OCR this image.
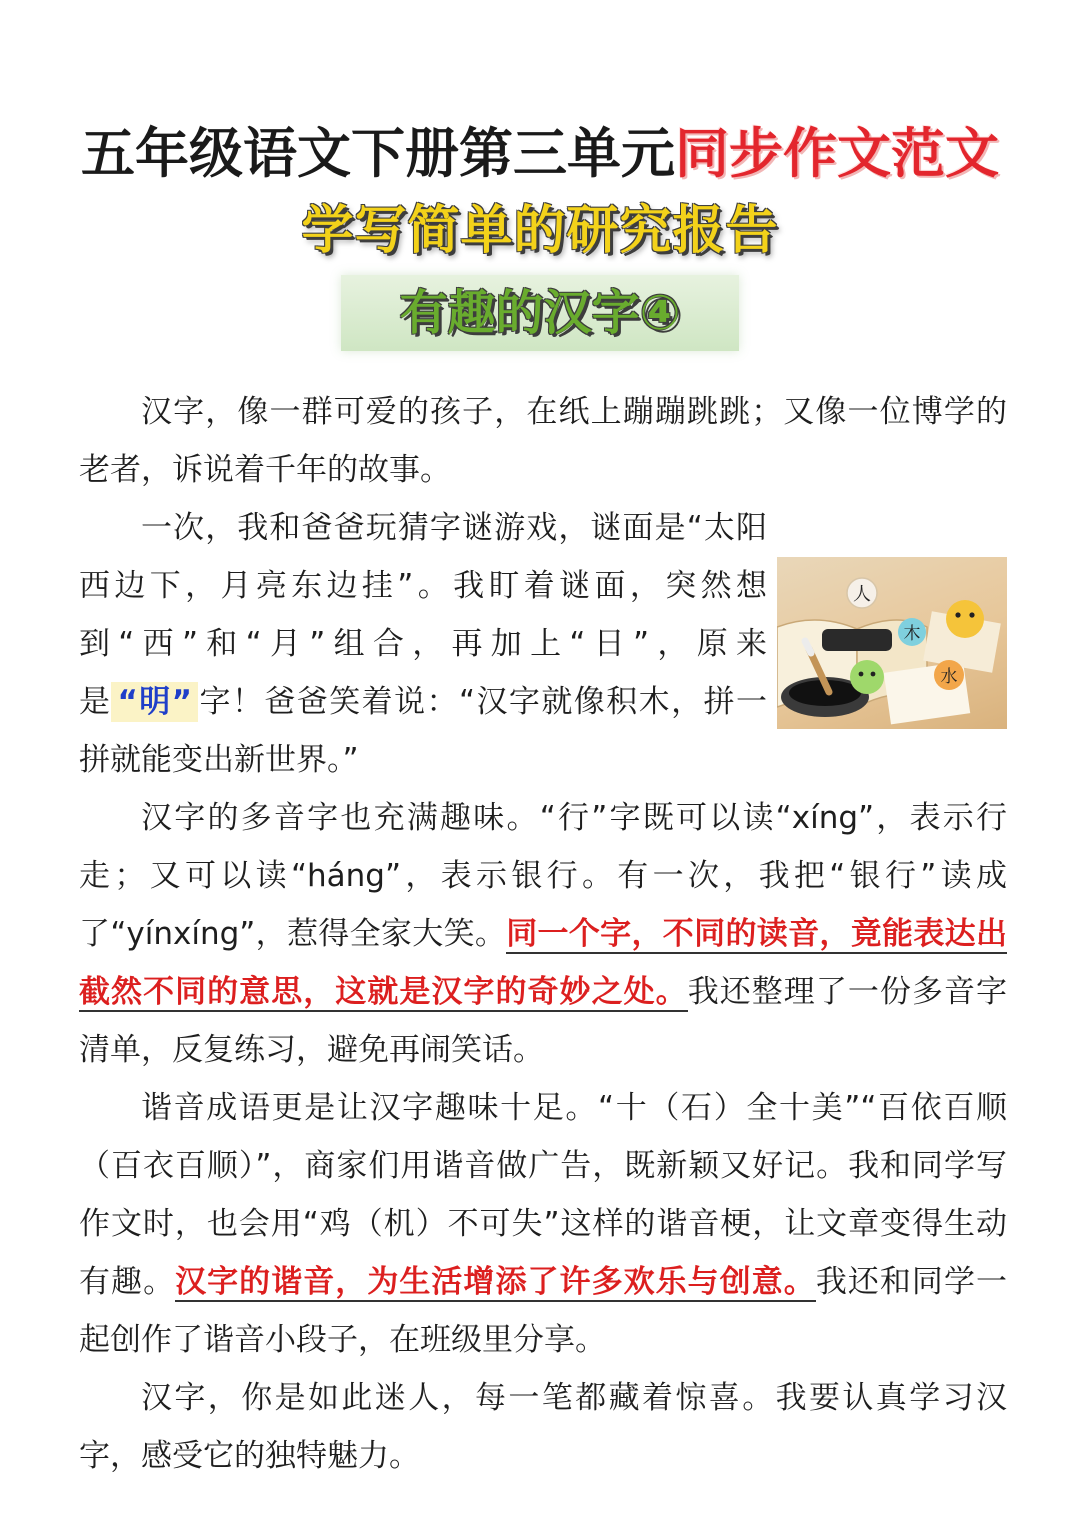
五年级语文下册第三单元同步作文范文
学写简单的研究报告
有趣的汉字④

汉字，像一群可爱的孩子，在纸上蹦蹦跳跳；又像一位博学的老者，诉说着千年的故事。

人
木
水

一次，我和爸爸玩猜字谜游戏，谜面是“太阳西边下，月亮东边挂”。我盯着谜面，突然想到“西”和“月”组合，再加上“日”，原来是 “明” 字！爸爸笑着说：“汉字就像积木，拼一拼就能变出新世界。”

汉字的多音字也充满趣味。“行”字既可以读“xíng”，表示行走；又可以读“háng”，表示银行。有一次，我把“银行”读成了“yínxíng”，惹得全家大笑。同一个字，不同的读音，竟能表达出截然不同的意思，这就是汉字的奇妙之处。我还整理了一份多音字清单，反复练习，避免再闹笑话。

谐音成语更是让汉字趣味十足。“十（石）全十美”“百依百顺（百衣百顺）”，商家们用谐音做广告，既新颖又好记。我和同学写作文时，也会用“鸡（机）不可失”这样的谐音梗，让文章变得生动有趣。汉字的谐音，为生活增添了许多欢乐与创意。我还和同学一起创作了谐音小段子，在班级里分享。

汉字，你是如此迷人，每一笔都藏着惊喜。我要认真学习汉字，感受它的独特魅力。
